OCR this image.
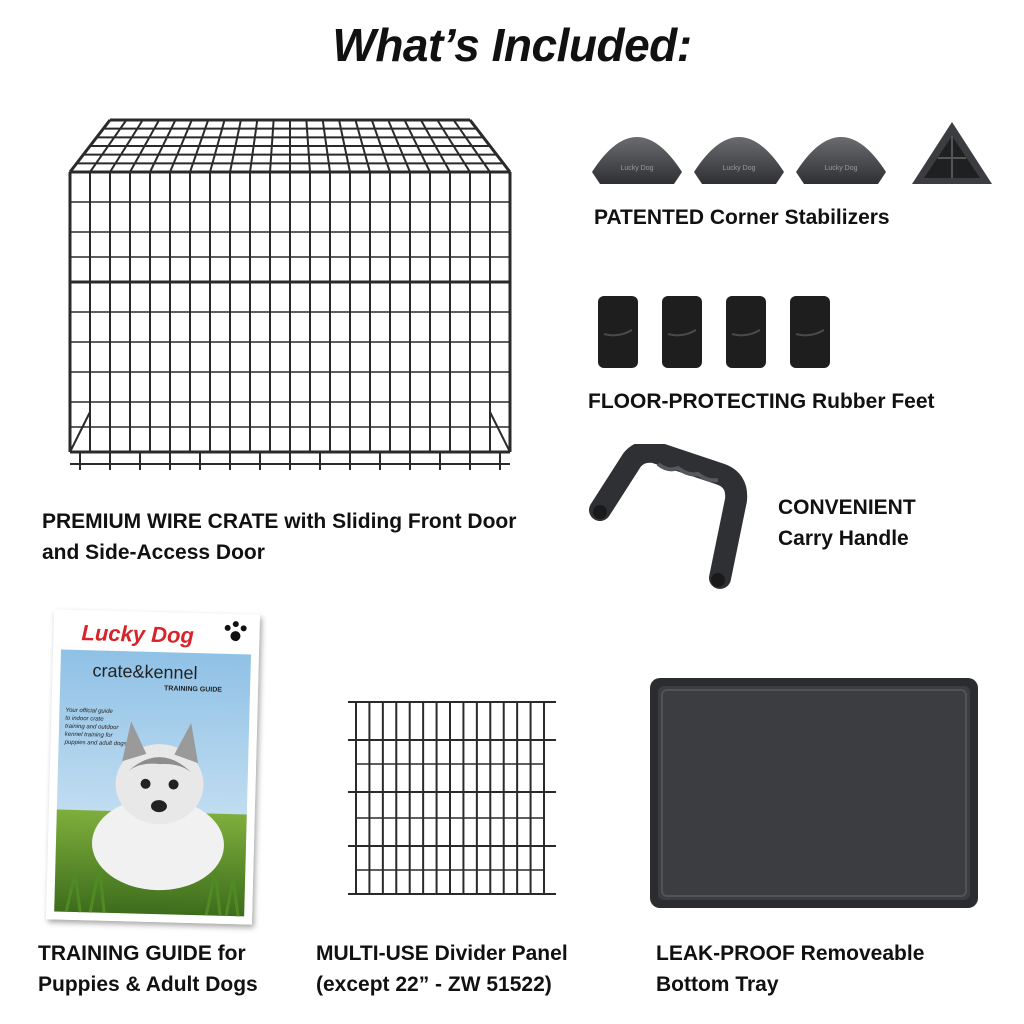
What’s Included:
PREMIUM WIRE CRATE with Sliding Front Door
and Side-Access Door
Lucky Dog	Lucky Dog	Lucky Dog
PATENTED Corner Stabilizers
FLOOR-PROTECTING Rubber Feet
CONVENIENT
Carry Handle
Lucky Dog
crate&kennel
TRAINING GUIDE
Your official guide
to indoor crate
training and outdoor
kennel training for
puppies and adult dogs
TRAINING GUIDE for
Puppies & Adult Dogs
MULTI-USE Divider Panel
(except 22” - ZW 51522)
LEAK-PROOF Removeable
Bottom Tray
